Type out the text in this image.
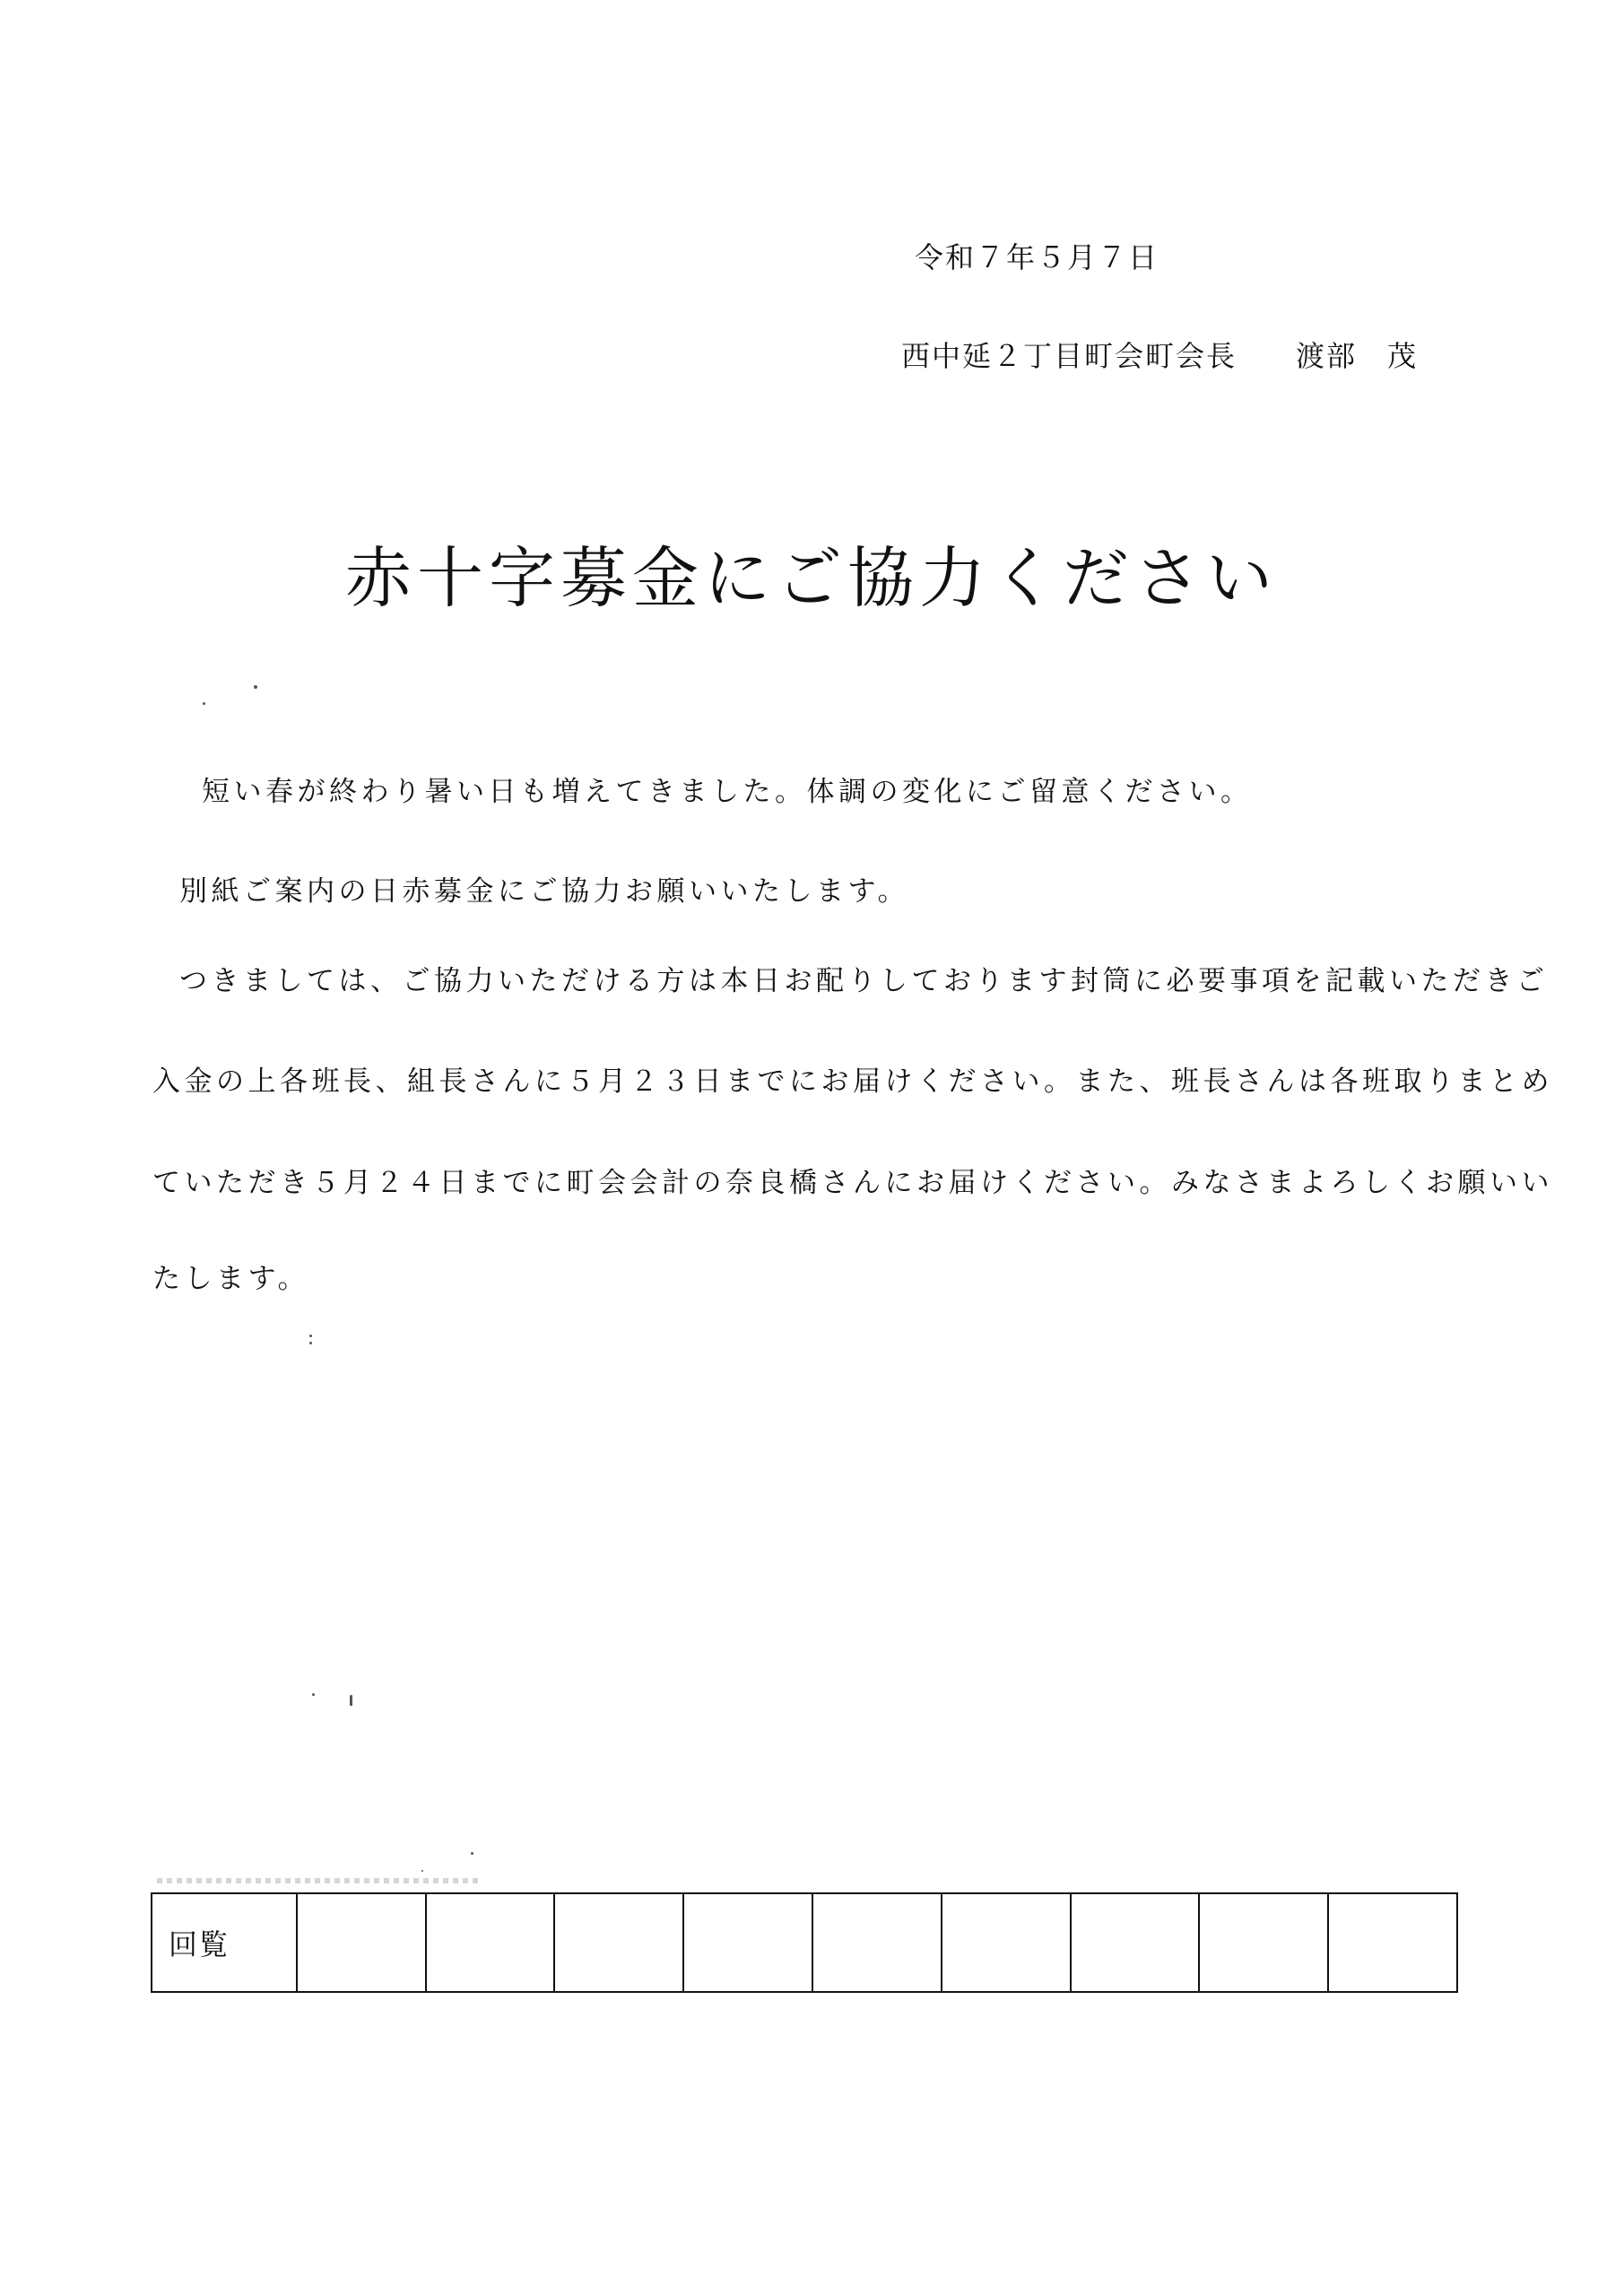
令和７年５月７日
西中延２丁目町会町会長 渡部　茂
赤十字募金にご協力ください
短い春が終わり暑い日も増えてきました。体調の変化にご留意ください。
別紙ご案内の日赤募金にご協力お願いいたします。
つきましては、ご協力いただける方は本日お配りしております封筒に必要事項を記載いただきご
入金の上各班長、組長さんに５月２３日までにお届けください。また、班長さんは各班取りまとめ
ていただき５月２４日までに町会会計の奈良橋さんにお届けください。みなさまよろしくお願いい
たします。
回覧
